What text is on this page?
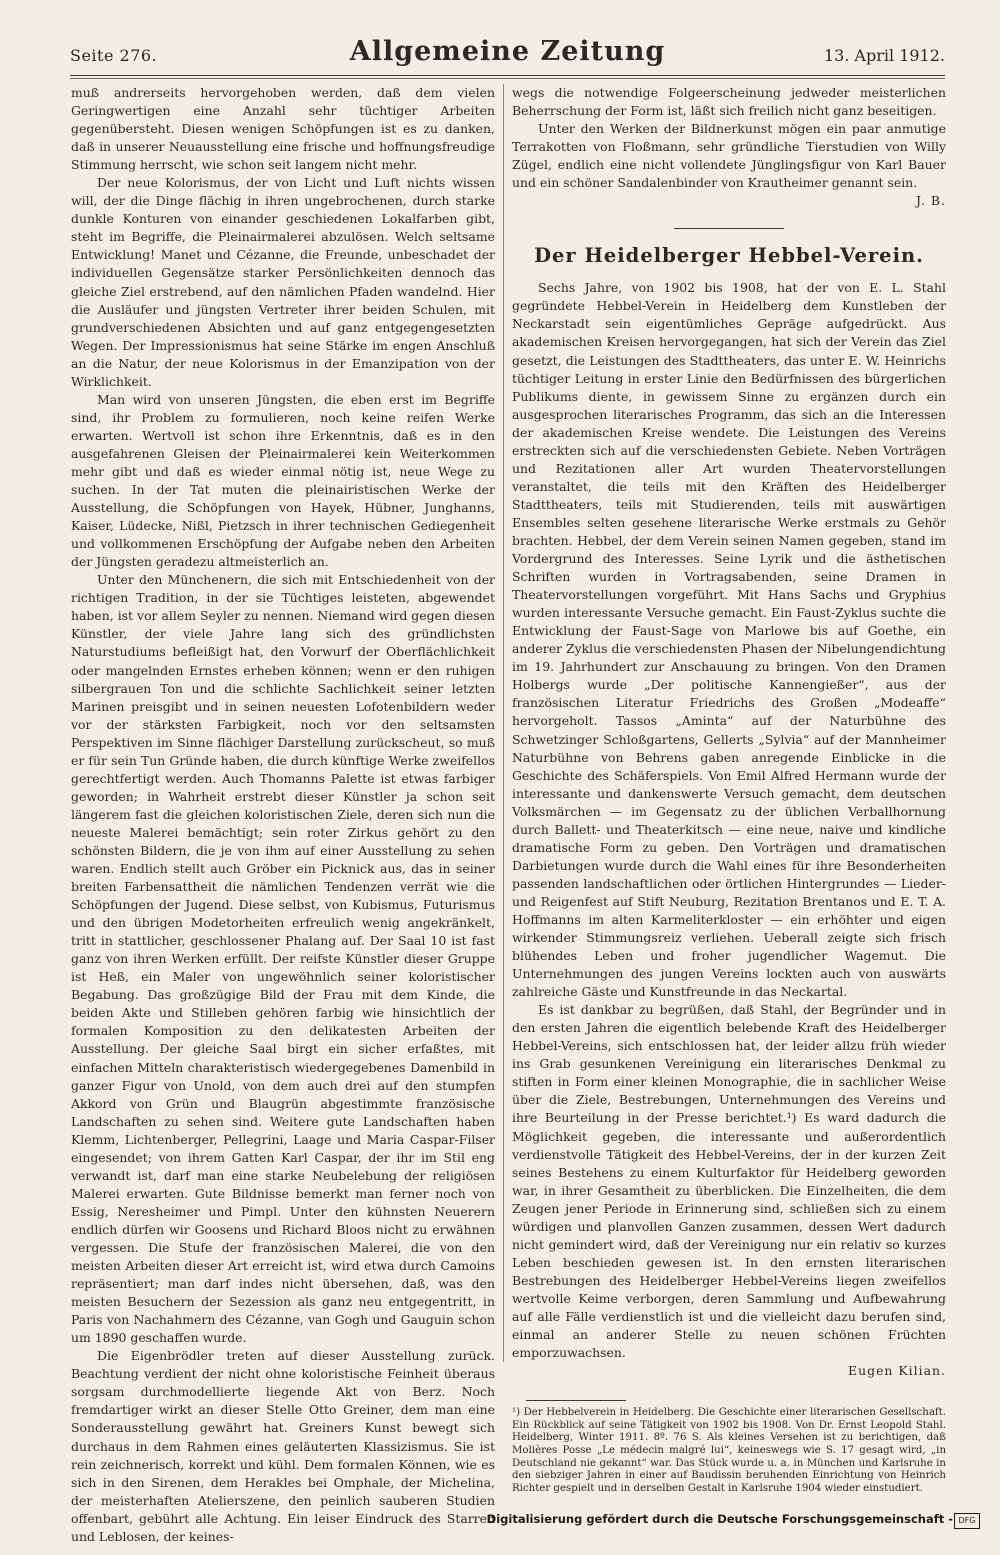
Seite 276.	Allgemeine Zeitung	13. April 1912.

muß andrerseits hervorgehoben werden, daß dem vielen Geringwertigen eine Anzahl sehr tüchtiger Arbeiten gegenübersteht. Diesen wenigen Schöpfungen ist es zu danken, daß in unserer Neuausstellung eine frische und hoffnungsfreudige Stimmung herrscht, wie schon seit langem nicht mehr.

Der neue Kolorismus, der von Licht und Luft nichts wissen will, der die Dinge flächig in ihren ungebrochenen, durch starke dunkle Konturen von einander geschiedenen Lokalfarben gibt, steht im Begriffe, die Pleinairmalerei abzulösen. Welch seltsame Entwicklung! Manet und Cézanne, die Freunde, unbeschadet der individuellen Gegensätze starker Persönlichkeiten dennoch das gleiche Ziel erstrebend, auf den nämlichen Pfaden wandelnd. Hier die Ausläufer und jüngsten Vertreter ihrer beiden Schulen, mit grundverschiedenen Absichten und auf ganz entgegengesetzten Wegen. Der Impressionismus hat seine Stärke im engen Anschluß an die Natur, der neue Kolorismus in der Emanzipation von der Wirklichkeit.

Man wird von unseren Jüngsten, die eben erst im Begriffe sind, ihr Problem zu formulieren, noch keine reifen Werke erwarten. Wertvoll ist schon ihre Erkenntnis, daß es in den ausgefahrenen Gleisen der Pleinairmalerei kein Weiterkommen mehr gibt und daß es wieder einmal nötig ist, neue Wege zu suchen. In der Tat muten die pleinairistischen Werke der Ausstellung, die Schöpfungen von Hayek, Hübner, Junghanns, Kaiser, Lüdecke, Nißl, Pietzsch in ihrer technischen Gediegenheit und vollkommenen Erschöpfung der Aufgabe neben den Arbeiten der Jüngsten geradezu altmeisterlich an.

Unter den Münchenern, die sich mit Entschiedenheit von der richtigen Tradition, in der sie Tüchtiges leisteten, abgewendet haben, ist vor allem Seyler zu nennen. Niemand wird gegen diesen Künstler, der viele Jahre lang sich des gründlichsten Naturstudiums befleißigt hat, den Vorwurf der Oberflächlichkeit oder mangelnden Ernstes erheben können; wenn er den ruhigen silbergrauen Ton und die schlichte Sachlichkeit seiner letzten Marinen preisgibt und in seinen neuesten Lofotenbildern weder vor der stärksten Farbigkeit, noch vor den seltsamsten Perspektiven im Sinne flächiger Darstellung zurückscheut, so muß er für sein Tun Gründe haben, die durch künftige Werke zweifellos gerechtfertigt werden. Auch Thomanns Palette ist etwas farbiger geworden; in Wahrheit erstrebt dieser Künstler ja schon seit längerem fast die gleichen koloristischen Ziele, deren sich nun die neueste Malerei bemächtigt; sein roter Zirkus gehört zu den schönsten Bildern, die je von ihm auf einer Ausstellung zu sehen waren. Endlich stellt auch Gröber ein Picknick aus, das in seiner breiten Farbensattheit die nämlichen Tendenzen verrät wie die Schöpfungen der Jugend. Diese selbst, von Kubismus, Futurismus und den übrigen Modetorheiten erfreulich wenig angekränkelt, tritt in stattlicher, geschlossener Phalang auf. Der Saal 10 ist fast ganz von ihren Werken erfüllt. Der reifste Künstler dieser Gruppe ist Heß, ein Maler von ungewöhnlich seiner koloristischer Begabung. Das großzügige Bild der Frau mit dem Kinde, die beiden Akte und Stilleben gehören farbig wie hinsichtlich der formalen Komposition zu den delikatesten Arbeiten der Ausstellung. Der gleiche Saal birgt ein sicher erfaßtes, mit einfachen Mitteln charakteristisch wiedergegebenes Damenbild in ganzer Figur von Unold, von dem auch drei auf den stumpfen Akkord von Grün und Blaugrün abgestimmte französische Landschaften zu sehen sind. Weitere gute Landschaften haben Klemm, Lichtenberger, Pellegrini, Laage und Maria Caspar-Filser eingesendet; von ihrem Gatten Karl Caspar, der ihr im Stil eng verwandt ist, darf man eine starke Neubelebung der religiösen Malerei erwarten. Gute Bildnisse bemerkt man ferner noch von Essig, Neresheimer und Pimpl. Unter den kühnsten Neuerern endlich dürfen wir Goosens und Richard Bloos nicht zu erwähnen vergessen. Die Stufe der französischen Malerei, die von den meisten Arbeiten dieser Art erreicht ist, wird etwa durch Camoins repräsentiert; man darf indes nicht übersehen, daß, was den meisten Besuchern der Sezession als ganz neu entgegentritt, in Paris von Nachahmern des Cézanne, van Gogh und Gauguin schon um 1890 geschaffen wurde.

Die Eigenbrödler treten auf dieser Ausstellung zurück. Beachtung verdient der nicht ohne koloristische Feinheit überaus sorgsam durchmodellierte liegende Akt von Berz. Noch fremdartiger wirkt an dieser Stelle Otto Greiner, dem man eine Sonderausstellung gewährt hat. Greiners Kunst bewegt sich durchaus in dem Rahmen eines geläuterten Klassizismus. Sie ist rein zeichnerisch, korrekt und kühl. Dem formalen Können, wie es sich in den Sirenen, dem Herakles bei Omphale, der Michelina, der meisterhaften Atelierszene, den peinlich sauberen Studien offenbart, gebührt alle Achtung. Ein leiser Eindruck des Starren und Leblosen, der keines-

wegs die notwendige Folgeerscheinung jedweder meisterlichen Beherrschung der Form ist, läßt sich freilich nicht ganz beseitigen.

Unter den Werken der Bildnerkunst mögen ein paar anmutige Terrakotten von Floßmann, sehr gründliche Tierstudien von Willy Zügel, endlich eine nicht vollendete Jünglingsfigur von Karl Bauer und ein schöner Sandalenbinder von Krautheimer genannt sein.

J. B.
Der Heidelberger Hebbel-Verein.

Sechs Jahre, von 1902 bis 1908, hat der von E. L. Stahl gegründete Hebbel-Verein in Heidelberg dem Kunstleben der Neckarstadt sein eigentümliches Gepräge aufgedrückt. Aus akademischen Kreisen hervorgegangen, hat sich der Verein das Ziel gesetzt, die Leistungen des Stadttheaters, das unter E. W. Heinrichs tüchtiger Leitung in erster Linie den Bedürfnissen des bürgerlichen Publikums diente, in gewissem Sinne zu ergänzen durch ein ausgesprochen literarisches Programm, das sich an die Interessen der akademischen Kreise wendete. Die Leistungen des Vereins erstreckten sich auf die verschiedensten Gebiete. Neben Vorträgen und Rezitationen aller Art wurden Theatervorstellungen veranstaltet, die teils mit den Kräften des Heidelberger Stadttheaters, teils mit Studierenden, teils mit auswärtigen Ensembles selten gesehene literarische Werke erstmals zu Gehör brachten. Hebbel, der dem Verein seinen Namen gegeben, stand im Vordergrund des Interesses. Seine Lyrik und die ästhetischen Schriften wurden in Vortragsabenden, seine Dramen in Theatervorstellungen vorgeführt. Mit Hans Sachs und Gryphius wurden interessante Versuche gemacht. Ein Faust-Zyklus suchte die Entwicklung der Faust-Sage von Marlowe bis auf Goethe, ein anderer Zyklus die verschiedensten Phasen der Nibelungendichtung im 19. Jahrhundert zur Anschauung zu bringen. Von den Dramen Holbergs wurde „Der politische Kannengießer“, aus der französischen Literatur Friedrichs des Großen „Modeaffe“ hervorgeholt. Tassos „Aminta“ auf der Naturbühne des Schwetzinger Schloßgartens, Gellerts „Sylvia“ auf der Mannheimer Naturbühne von Behrens gaben anregende Einblicke in die Geschichte des Schäferspiels. Von Emil Alfred Hermann wurde der interessante und dankenswerte Versuch gemacht, dem deutschen Volksmärchen — im Gegensatz zu der üblichen Verballhornung durch Ballett- und Theaterkitsch — eine neue, naive und kindliche dramatische Form zu geben. Den Vorträgen und dramatischen Darbietungen wurde durch die Wahl eines für ihre Besonderheiten passenden landschaftlichen oder örtlichen Hintergrundes — Lieder- und Reigenfest auf Stift Neuburg, Rezitation Brentanos und E. T. A. Hoffmanns im alten Karmeliterkloster — ein erhöhter und eigen wirkender Stimmungsreiz verliehen. Ueberall zeigte sich frisch blühendes Leben und froher jugendlicher Wagemut. Die Unternehmungen des jungen Vereins lockten auch von auswärts zahlreiche Gäste und Kunstfreunde in das Neckartal.

Es ist dankbar zu begrüßen, daß Stahl, der Begründer und in den ersten Jahren die eigentlich belebende Kraft des Heidelberger Hebbel-Vereins, sich entschlossen hat, der leider allzu früh wieder ins Grab gesunkenen Vereinigung ein literarisches Denkmal zu stiften in Form einer kleinen Monographie, die in sachlicher Weise über die Ziele, Bestrebungen, Unternehmungen des Vereins und ihre Beurteilung in der Presse berichtet.¹) Es ward dadurch die Möglichkeit gegeben, die interessante und außerordentlich verdienstvolle Tätigkeit des Hebbel-Vereins, der in der kurzen Zeit seines Bestehens zu einem Kulturfaktor für Heidelberg geworden war, in ihrer Gesamtheit zu überblicken. Die Einzelheiten, die dem Zeugen jener Periode in Erinnerung sind, schließen sich zu einem würdigen und planvollen Ganzen zusammen, dessen Wert dadurch nicht gemindert wird, daß der Vereinigung nur ein relativ so kurzes Leben beschieden gewesen ist. In den ernsten literarischen Bestrebungen des Heidelberger Hebbel-Vereins liegen zweifellos wertvolle Keime verborgen, deren Sammlung und Aufbewahrung auf alle Fälle verdienstlich ist und die vielleicht dazu berufen sind, einmal an anderer Stelle zu neuen schönen Früchten emporzuwachsen.

Eugen Kilian.
¹) Der Hebbelverein in Heidelberg. Die Geschichte einer literarischen Gesellschaft. Ein Rückblick auf seine Tätigkeit von 1902 bis 1908. Von Dr. Ernst Leopold Stahl. Heidelberg, Winter 1911. 8º. 76 S. Als kleines Versehen ist zu berichtigen, daß Molières Posse „Le médecin malgré lui“, keineswegs wie S. 17 gesagt wird, „in Deutschland nie gekannt“ war. Das Stück wurde u. a. in München und Karlsruhe in den siebziger Jahren in einer auf Baudissin beruhenden Einrichtung von Heinrich Richter gespielt und in derselben Gestalt in Karlsruhe 1904 wieder einstudiert.
Digitalisierung gefördert durch die Deutsche Forschungsgemeinschaft - DFG
